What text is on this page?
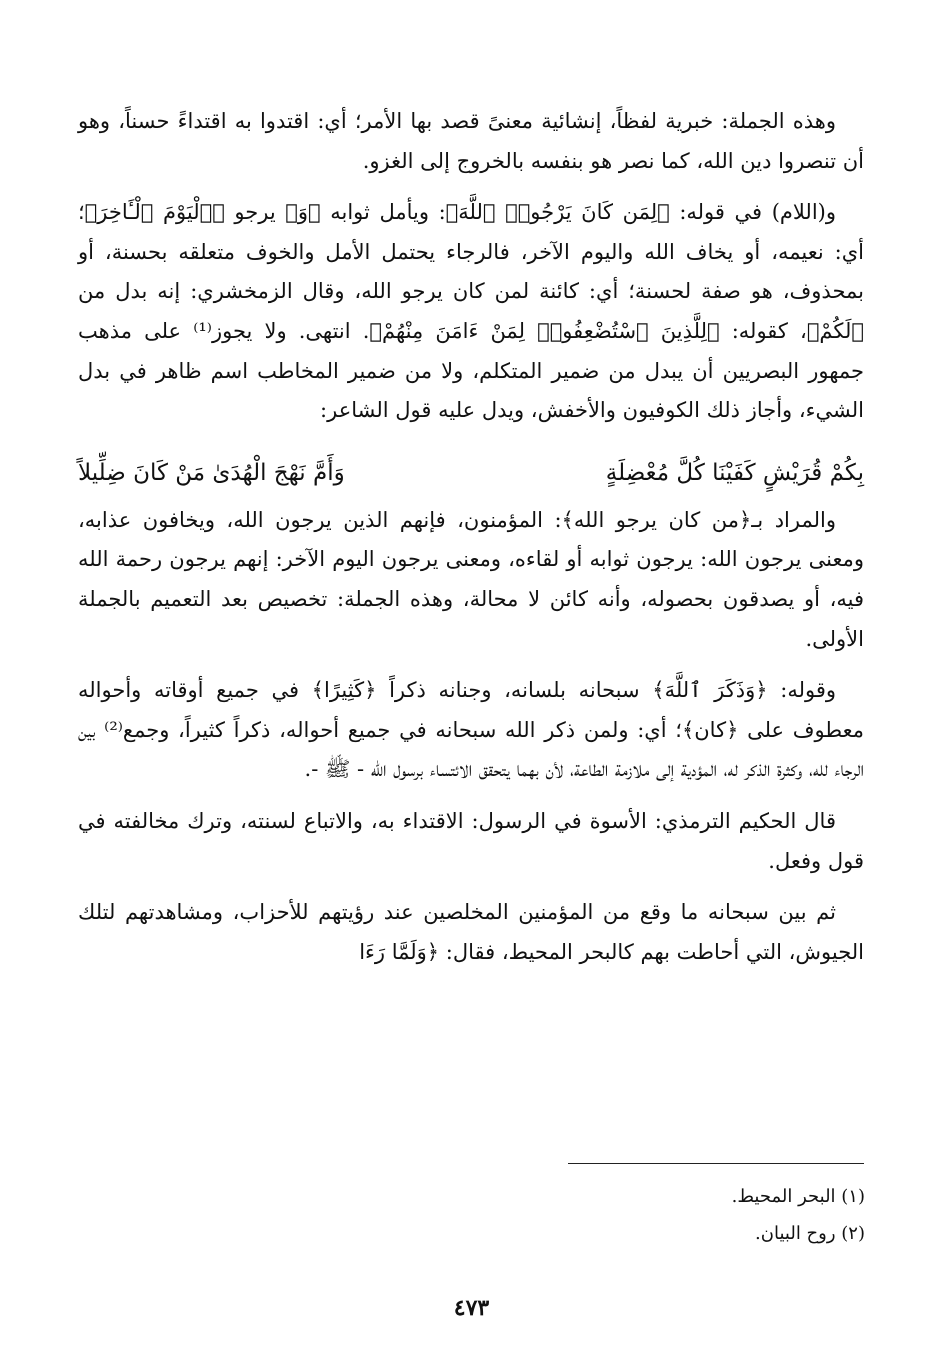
وهذه الجملة: خبرية لفظاً، إنشائية معنىً قصد بها الأمر؛ أي: اقتدوا به اقتداءً حسناً، وهو أن تنصروا دين الله، كما نصر هو بنفسه بالخروج إلى الغزو.

و(اللام) في قوله: ﴿لِمَن كَانَ يَرْجُوا۟ ٱللَّهَ﴾: ويأمل ثوابه ﴿وَ﴾ يرجو ﴿ٱلْيَوْمَ ٱلْـَٔاخِرَ﴾؛ أي: نعيمه، أو يخاف الله واليوم الآخر، فالرجاء يحتمل الأمل والخوف متعلقه بحسنة، أو بمحذوف، هو صفة لحسنة؛ أي: كائنة لمن كان يرجو الله، وقال الزمخشري: إنه بدل من ﴿لَكُمْ﴾، كقوله: ﴿لِلَّذِينَ ٱسْتُضْعِفُوا۟ لِمَنْ ءَامَنَ مِنْهُمْ﴾. انتهى. ولا يجوز⁽¹⁾ على مذهب جمهور البصريين أن يبدل من ضمير المتكلم، ولا من ضمير المخاطب اسم ظاهر في بدل الشيء، وأجاز ذلك الكوفيون والأخفش، ويدل عليه قول الشاعر:

بِكُمْ قُرَيْشٍ كَفَيْنَا كُلَّ مُعْضِلَةٍ
وَأَمَّ نَهْجَ الْهُدَىٰ مَنْ كَانَ ضِلِّيلاً

والمراد بـ﴿من كان يرجو الله﴾: المؤمنون، فإنهم الذين يرجون الله، ويخافون عذابه، ومعنى يرجون الله: يرجون ثوابه أو لقاءه، ومعنى يرجون اليوم الآخر: إنهم يرجون رحمة الله فيه، أو يصدقون بحصوله، وأنه كائن لا محالة، وهذه الجملة: تخصيص بعد التعميم بالجملة الأولى.

وقوله: ﴿وَذَكَرَ ٱللَّهَ﴾ سبحانه بلسانه، وجنانه ذكراً ﴿كَثِيرًا﴾ في جميع أوقاته وأحواله معطوف على ﴿كان﴾؛ أي: ولمن ذكر الله سبحانه في جميع أحواله، ذكراً كثيراً، وجمع⁽²⁾ بين الرجاء لله، وكثرة الذكر له، المؤدية إلى ملازمة الطاعة، لأن بهما يتحقق الائتساء برسول الله - ﷺ -.

قال الحكيم الترمذي: الأسوة في الرسول: الاقتداء به، والاتباع لسنته، وترك مخالفته في قول وفعل.

ثم بين سبحانه ما وقع من المؤمنين المخلصين عند رؤيتهم للأحزاب، ومشاهدتهم لتلك الجيوش، التي أحاطت بهم كالبحر المحيط، فقال: ﴿وَلَمَّا رَءَا

(١) البحر المحيط.

(٢) روح البيان.

٤٧٣
